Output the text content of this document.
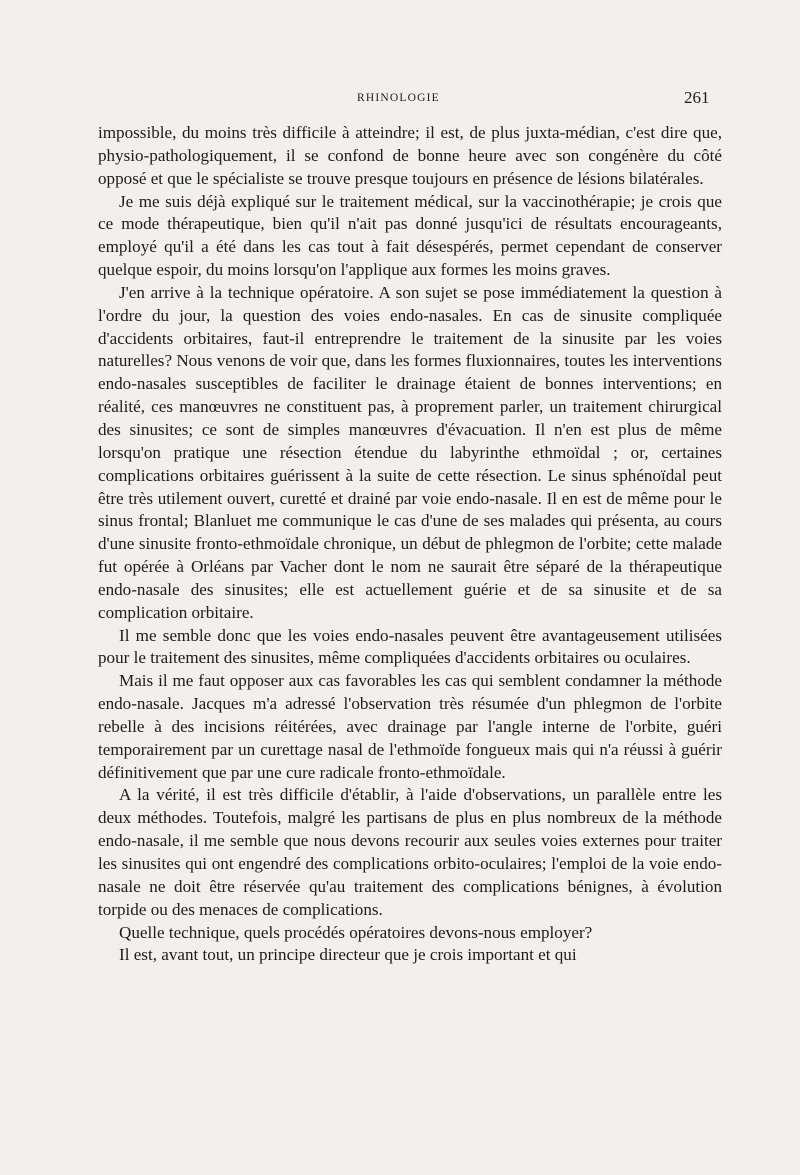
RHINOLOGIE	261

impossible, du moins très difficile à atteindre; il est, de plus juxta-médian, c'est dire que, physio-pathologiquement, il se confond de bonne heure avec son congénère du côté opposé et que le spécialiste se trouve presque toujours en présence de lésions bilatérales.

Je me suis déjà expliqué sur le traitement médical, sur la vaccinothérapie; je crois que ce mode thérapeutique, bien qu'il n'ait pas donné jusqu'ici de résultats encourageants, employé qu'il a été dans les cas tout à fait désespérés, permet cependant de conserver quelque espoir, du moins lorsqu'on l'applique aux formes les moins graves.

J'en arrive à la technique opératoire. A son sujet se pose immédiatement la question à l'ordre du jour, la question des voies endo-nasales. En cas de sinusite compliquée d'accidents orbitaires, faut-il entreprendre le traitement de la sinusite par les voies naturelles? Nous venons de voir que, dans les formes fluxionnaires, toutes les interventions endo-nasales susceptibles de faciliter le drainage étaient de bonnes interventions; en réalité, ces manœuvres ne constituent pas, à proprement parler, un traitement chirurgical des sinusites; ce sont de simples manœuvres d'évacuation. Il n'en est plus de même lorsqu'on pratique une résection étendue du labyrinthe ethmoïdal ; or, certaines complications orbitaires guérissent à la suite de cette résection. Le sinus sphénoïdal peut être très utilement ouvert, curetté et drainé par voie endo-nasale. Il en est de même pour le sinus frontal; Blanluet me communique le cas d'une de ses malades qui présenta, au cours d'une sinusite fronto-ethmoïdale chronique, un début de phlegmon de l'orbite; cette malade fut opérée à Orléans par Vacher dont le nom ne saurait être séparé de la thérapeutique endo-nasale des sinusites; elle est actuellement guérie et de sa sinusite et de sa complication orbitaire.

Il me semble donc que les voies endo-nasales peuvent être avantageusement utilisées pour le traitement des sinusites, même compliquées d'accidents orbitaires ou oculaires.

Mais il me faut opposer aux cas favorables les cas qui semblent condamner la méthode endo-nasale. Jacques m'a adressé l'observation très résumée d'un phlegmon de l'orbite rebelle à des incisions réitérées, avec drainage par l'angle interne de l'orbite, guéri temporairement par un curettage nasal de l'ethmoïde fongueux mais qui n'a réussi à guérir définitivement que par une cure radicale fronto-ethmoïdale.

A la vérité, il est très difficile d'établir, à l'aide d'observations, un parallèle entre les deux méthodes. Toutefois, malgré les partisans de plus en plus nombreux de la méthode endo-nasale, il me semble que nous devons recourir aux seules voies externes pour traiter les sinusites qui ont engendré des complications orbito-oculaires; l'emploi de la voie endo-nasale ne doit être réservée qu'au traitement des complications bénignes, à évolution torpide ou des menaces de complications.

Quelle technique, quels procédés opératoires devons-nous employer?

Il est, avant tout, un principe directeur que je crois important et qui
